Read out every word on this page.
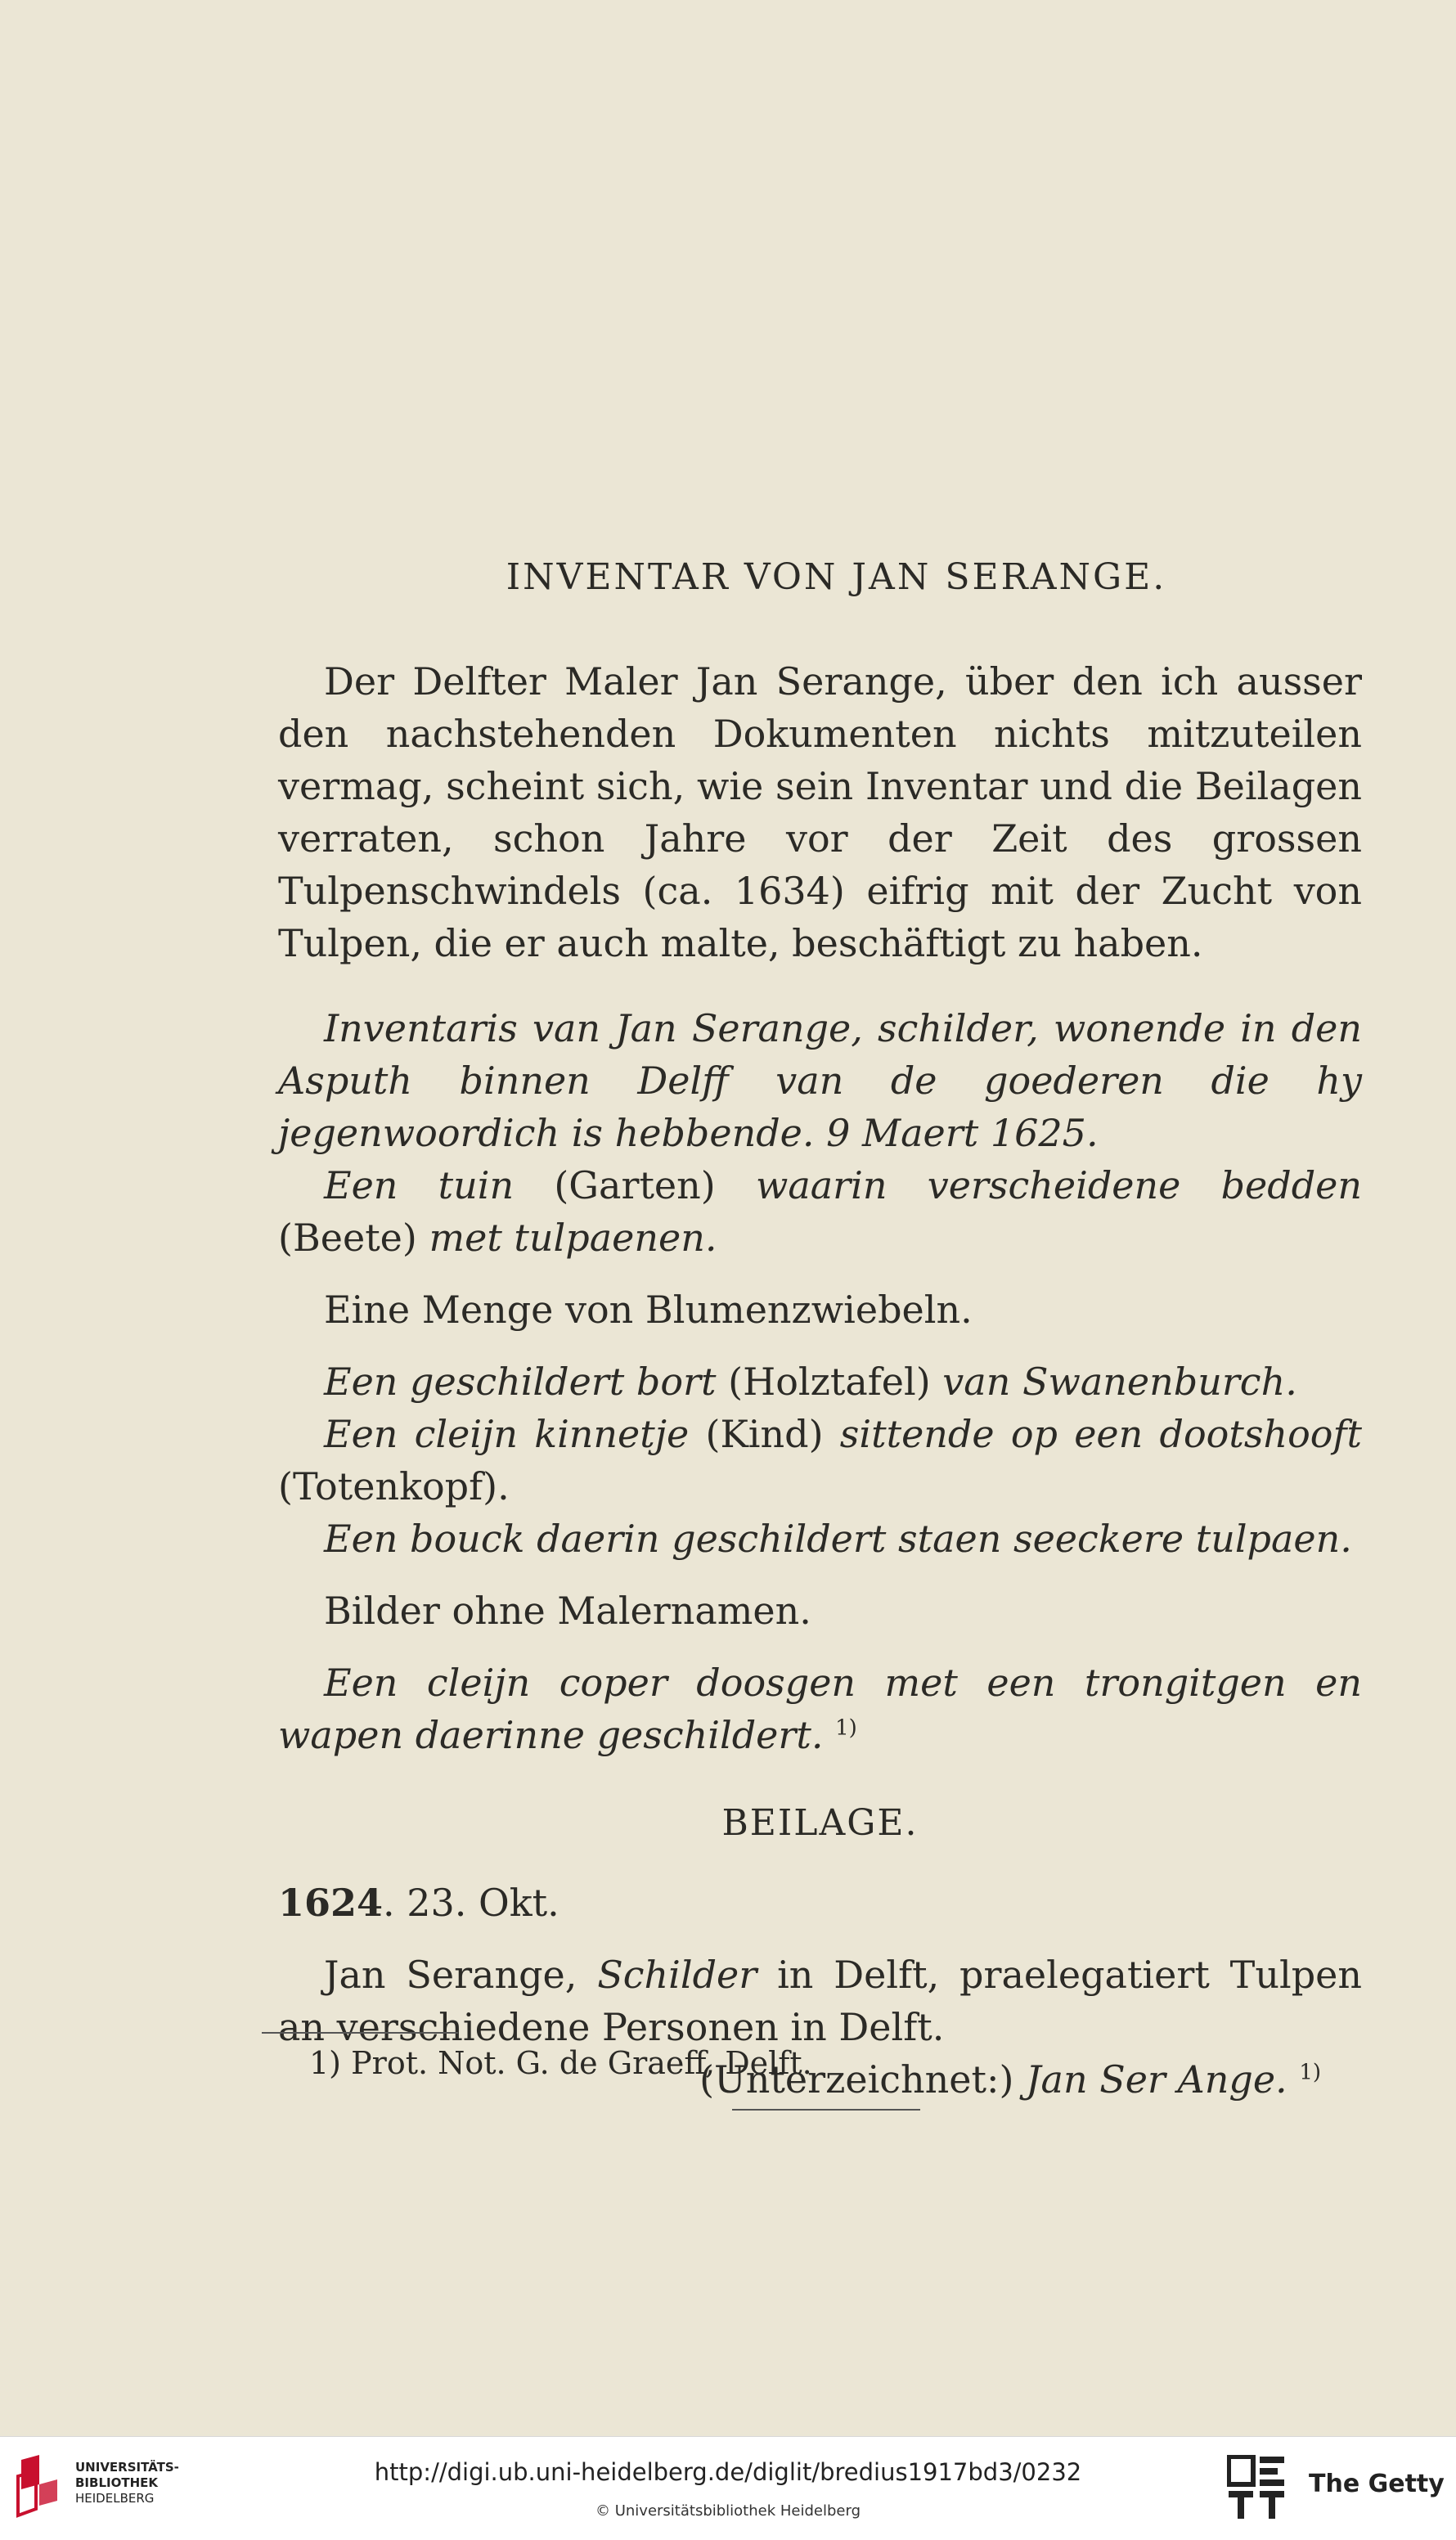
INVENTAR VON JAN SERANGE.

Der Delfter Maler Jan Serange, über den ich ausser den nachstehenden Dokumenten nichts mitzuteilen vermag, scheint sich, wie sein Inventar und die Beilagen verraten, schon Jahre vor der Zeit des grossen Tulpenschwindels (ca. 1634) eifrig mit der Zucht von Tulpen, die er auch malte, beschäftigt zu haben.

Inventaris van Jan Serange, schilder, wonende in den Asputh binnen Delff van de goederen die hy jegenwoordich is hebbende. 9 Maert 1625.

Een tuin (Garten) waarin verscheidene bedden (Beete) met tulpaenen.

Eine Menge von Blumenzwiebeln.

Een geschildert bort (Holztafel) van Swanenburch.

Een cleijn kinnetje (Kind) sittende op een dootshooft (Totenkopf).

Een bouck daerin geschildert staen seeckere tulpaen.

Bilder ohne Malernamen.

Een cleijn coper doosgen met een trongitgen en wapen daerinne geschildert. $^{1)}$

BEILAGE.

1624. 23. Okt.

Jan Serange, Schilder in Delft, praelegatiert Tulpen an verschiedene Personen in Delft.

(Unterzeichnet:) Jan Ser Ange. $^{1)}$

1) Prot. Not. G. de Graeff, Delft.
UNIVERSITÄTS-
BIBLIOTHEK
HEIDELBERG
http://digi.ub.uni-heidelberg.de/diglit/bredius1917bd3/0232
© Universitätsbibliothek Heidelberg
The Getty
